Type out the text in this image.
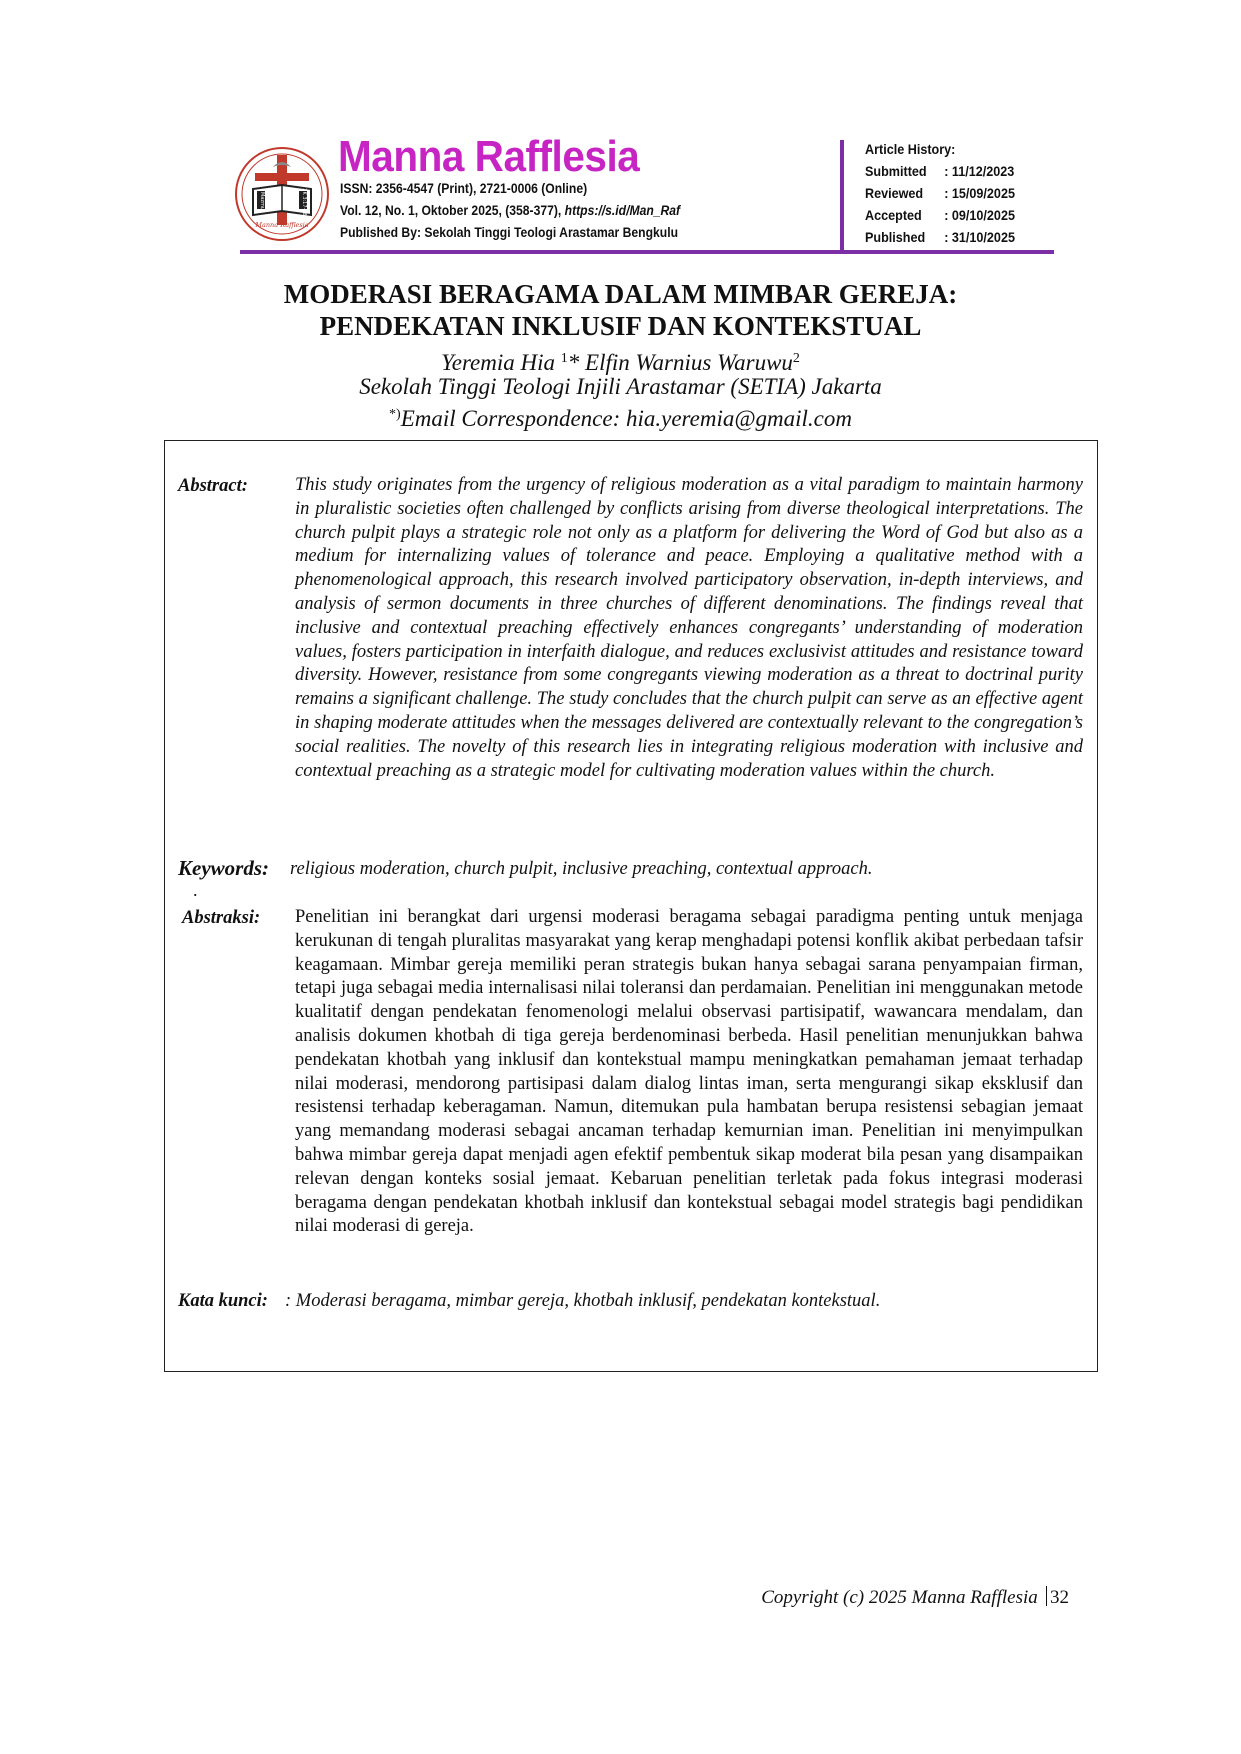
2K 3:17-18
Mazmur
Manna Rafflesia
Manna Rafflesia
ISSN: 2356-4547 (Print), 2721-0006 (Online)
Vol. 12, No. 1, Oktober 2025, (358-377), https://s.id/Man_Raf
Published By: Sekolah Tinggi Teologi Arastamar Bengkulu
Article History:
Submitted : 11/12/2023
Reviewed : 15/09/2025
Accepted : 09/10/2025
Published : 31/10/2025
MODERASI BERAGAMA DALAM MIMBAR GEREJA:
PENDEKATAN INKLUSIF DAN KONTEKSTUAL
Yeremia Hia $^1$* Elfin Warnius Waruwu$^2$
Sekolah Tinggi Teologi Injili Arastamar (SETIA) Jakarta
*)Email Correspondence: hia.yeremia@gmail.com
Abstract:	This study originates from the urgency of religious moderation as a vital paradigm to maintain harmony in pluralistic societies often challenged by conflicts arising from diverse theological interpretations. The church pulpit plays a strategic role not only as a platform for delivering the Word of God but also as a medium for internalizing values of tolerance and peace. Employing a qualitative method with a phenomenological approach, this research involved participatory observation, in-depth interviews, and analysis of sermon documents in three churches of different denominations. The findings reveal that inclusive and contextual preaching effectively enhances congregants’ understanding of moderation values, fosters participation in interfaith dialogue, and reduces exclusivist attitudes and resistance toward diversity. However, resistance from some congregants viewing moderation as a threat to doctrinal purity remains a significant challenge. The study concludes that the church pulpit can serve as an effective agent in shaping moderate attitudes when the messages delivered are contextually relevant to the congregation’s social realities. The novelty of this research lies in integrating religious moderation with inclusive and contextual preaching as a strategic model for cultivating moderation values within the church.
Keywords: religious moderation, church pulpit, inclusive preaching, contextual approach.
.
Abstraksi: Penelitian ini berangkat dari urgensi moderasi beragama sebagai paradigma penting untuk menjaga kerukunan di tengah pluralitas masyarakat yang kerap menghadapi potensi konflik akibat perbedaan tafsir keagamaan. Mimbar gereja memiliki peran strategis bukan hanya sebagai sarana penyampaian firman, tetapi juga sebagai media internalisasi nilai toleransi dan perdamaian. Penelitian ini menggunakan metode kualitatif dengan pendekatan fenomenologi melalui observasi partisipatif, wawancara mendalam, dan analisis dokumen khotbah di tiga gereja berdenominasi berbeda. Hasil penelitian menunjukkan bahwa pendekatan khotbah yang inklusif dan kontekstual mampu meningkatkan pemahaman jemaat terhadap nilai moderasi, mendorong partisipasi dalam dialog lintas iman, serta mengurangi sikap eksklusif dan resistensi terhadap keberagaman. Namun, ditemukan pula hambatan berupa resistensi sebagian jemaat yang memandang moderasi sebagai ancaman terhadap kemurnian iman. Penelitian ini menyimpulkan bahwa mimbar gereja dapat menjadi agen efektif pembentuk sikap moderat bila pesan yang disampaikan relevan dengan konteks sosial jemaat. Kebaruan penelitian terletak pada fokus integrasi moderasi beragama dengan pendekatan khotbah inklusif dan kontekstual sebagai model strategis bagi pendidikan nilai moderasi di gereja.
Kata kunci: : Moderasi beragama, mimbar gereja, khotbah inklusif, pendekatan kontekstual.
Copyright (c) 2025 Manna Rafflesia 32
